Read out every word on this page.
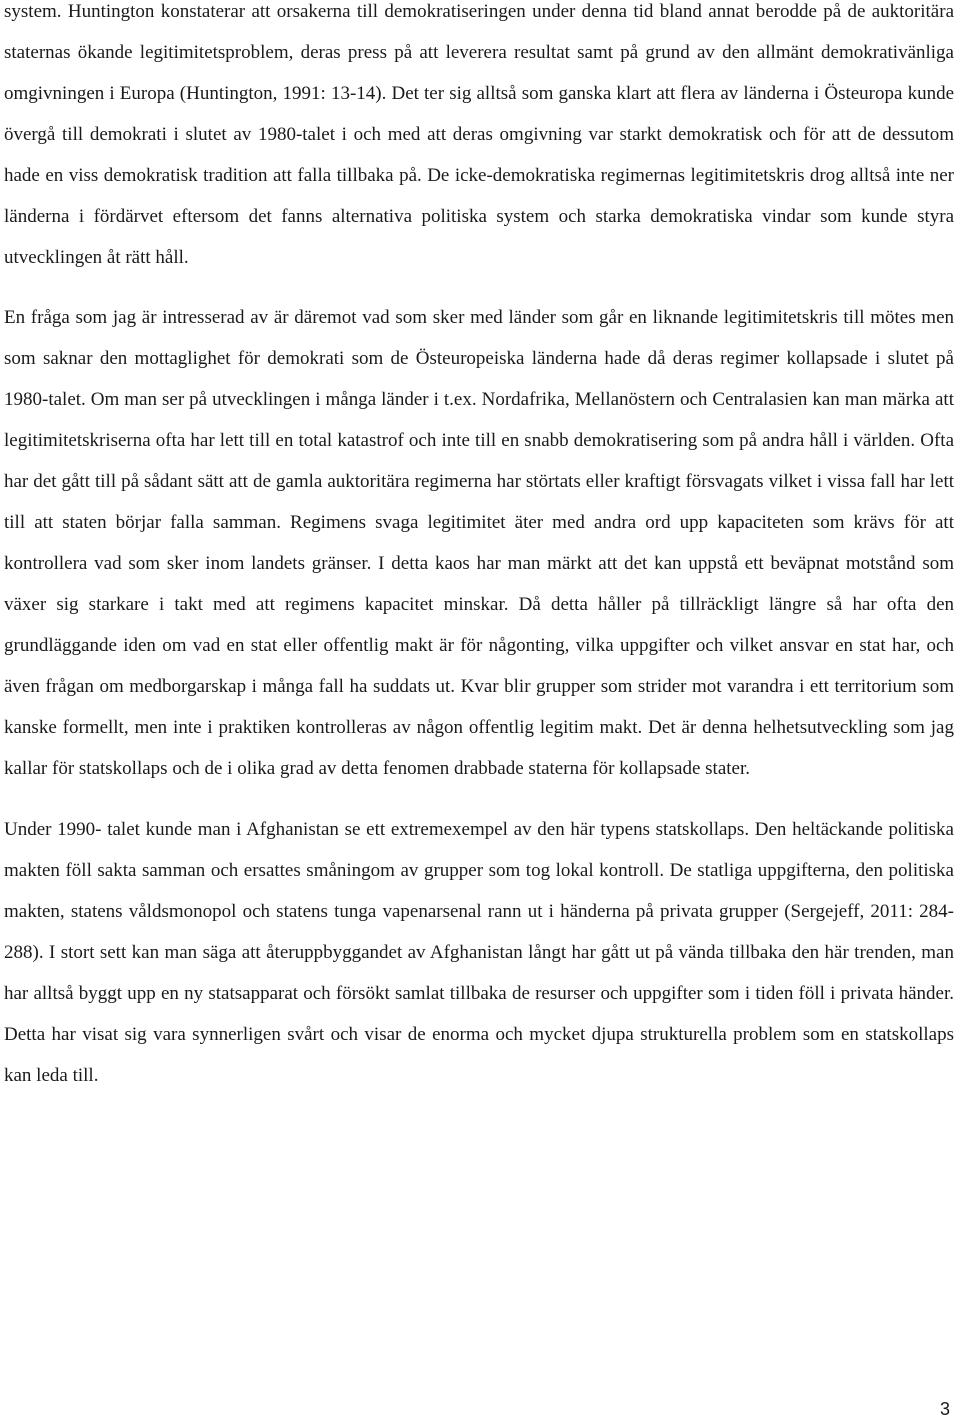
system. Huntington konstaterar att orsakerna till demokratiseringen under denna tid bland annat berodde på de auktoritära staternas ökande legitimitetsproblem, deras press på att leverera resultat samt på grund av den allmänt demokrativänliga omgivningen i Europa (Huntington, 1991: 13-14). Det ter sig alltså som ganska klart att flera av länderna i Östeuropa kunde övergå till demokrati i slutet av 1980-talet i och med att deras omgivning var starkt demokratisk och för att de dessutom hade en viss demokratisk tradition att falla tillbaka på. De icke-demokratiska regimernas legitimitetskris drog alltså inte ner länderna i fördärvet eftersom det fanns alternativa politiska system och starka demokratiska vindar som kunde styra utvecklingen åt rätt håll.

En fråga som jag är intresserad av är däremot vad som sker med länder som går en liknande legitimitetskris till mötes men som saknar den mottaglighet för demokrati som de Östeuropeiska länderna hade då deras regimer kollapsade i slutet på 1980-talet. Om man ser på utvecklingen i många länder i t.ex. Nordafrika, Mellanöstern och Centralasien kan man märka att legitimitetskriserna ofta har lett till en total katastrof och inte till en snabb demokratisering som på andra håll i världen. Ofta har det gått till på sådant sätt att de gamla auktoritära regimerna har störtats eller kraftigt försvagats vilket i vissa fall har lett till att staten börjar falla samman. Regimens svaga legitimitet äter med andra ord upp kapaciteten som krävs för att kontrollera vad som sker inom landets gränser. I detta kaos har man märkt att det kan uppstå ett beväpnat motstånd som växer sig starkare i takt med att regimens kapacitet minskar. Då detta håller på tillräckligt längre så har ofta den grundläggande iden om vad en stat eller offentlig makt är för någonting, vilka uppgifter och vilket ansvar en stat har, och även frågan om medborgarskap i många fall ha suddats ut. Kvar blir grupper som strider mot varandra i ett territorium som kanske formellt, men inte i praktiken kontrolleras av någon offentlig legitim makt. Det är denna helhetsutveckling som jag kallar för statskollaps och de i olika grad av detta fenomen drabbade staterna för kollapsade stater.

Under 1990- talet kunde man i Afghanistan se ett extremexempel av den här typens statskollaps. Den heltäckande politiska makten föll sakta samman och ersattes småningom av grupper som tog lokal kontroll. De statliga uppgifterna, den politiska makten, statens våldsmonopol och statens tunga vapenarsenal rann ut i händerna på privata grupper (Sergejeff, 2011: 284-288). I stort sett kan man säga att återuppbyggandet av Afghanistan långt har gått ut på vända tillbaka den här trenden, man har alltså byggt upp en ny statsapparat och försökt samlat tillbaka de resurser och uppgifter som i tiden föll i privata händer. Detta har visat sig vara synnerligen svårt och visar de enorma och mycket djupa strukturella problem som en statskollaps kan leda till.

3
